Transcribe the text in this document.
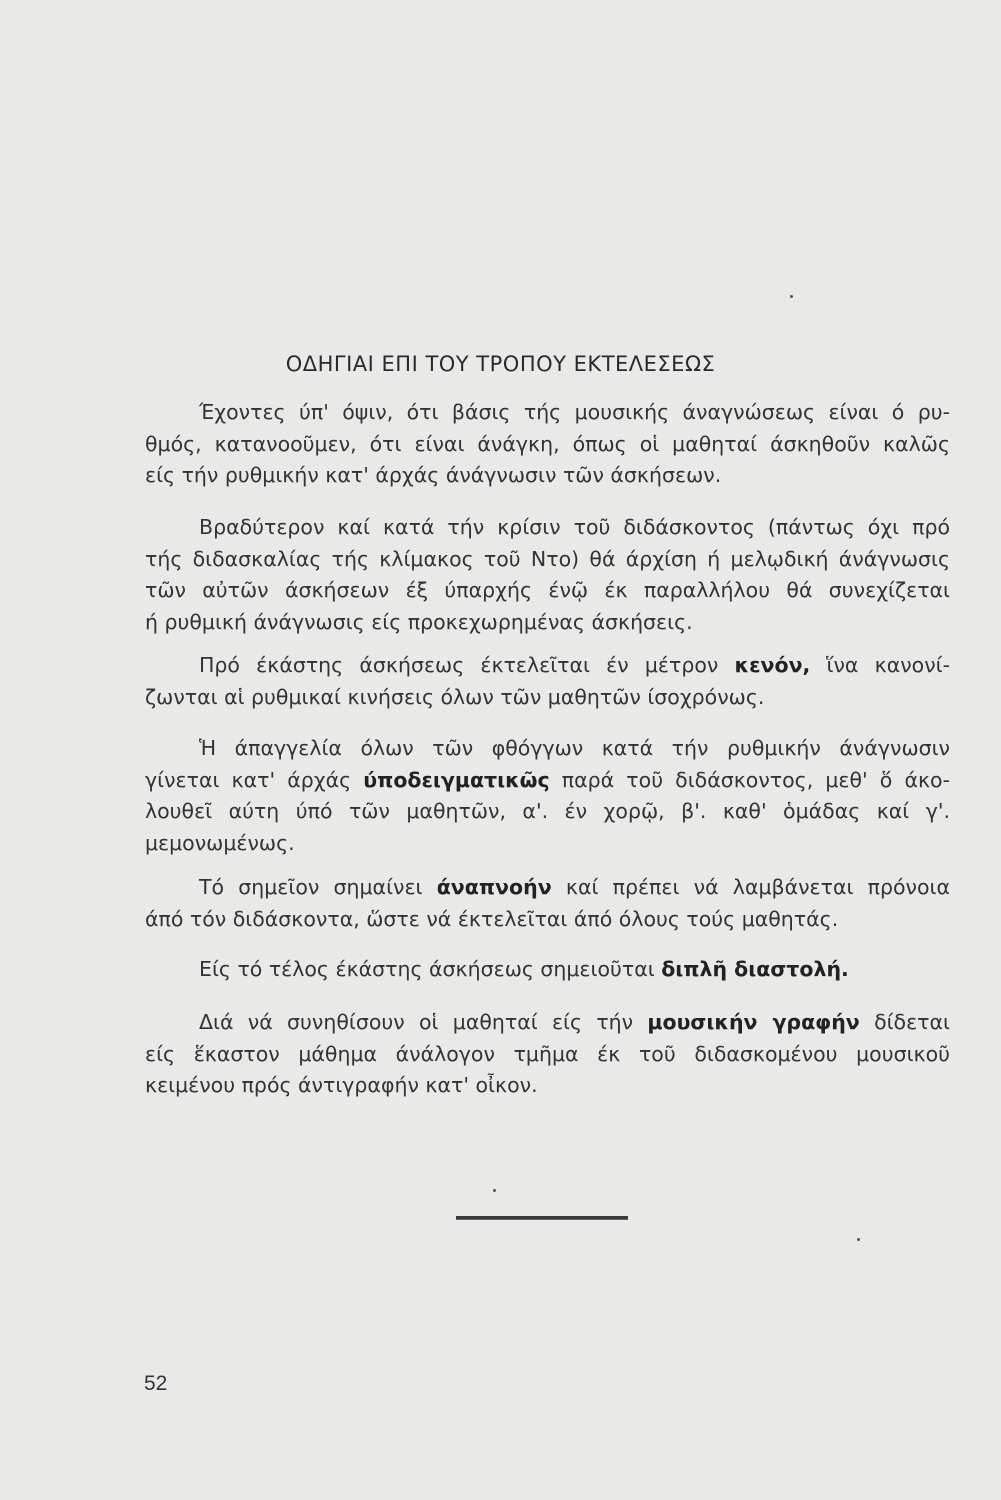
ΟΔΗΓΙΑΙ ΕΠΙ ΤΟΥ ΤΡΟΠΟΥ ΕΚΤΕΛΕΣΕΩΣ
Έχοντες ύπ' όψιν, ότι βάσις τής μουσικής άναγνώσεως είναι ό ρυ-
θμός, κατανοοῦμεν, ότι είναι άνάγκη, όπως οἱ μαθηταί άσκηθοῦν καλῶς
είς τήν ρυθμικήν κατ' άρχάς άνάγνωσιν τῶν άσκήσεων.
Βραδύτερον καί κατά τήν κρίσιν τοῦ διδάσκοντος (πάντως όχι πρό
τής διδασκαλίας τής κλίμακος τοῦ Ντο) θά άρχίση ή μελῳδική άνάγνωσις
τῶν αὐτῶν άσκήσεων έξ ύπαρχής ένῷ έκ παραλλήλου θά συνεχίζεται
ή ρυθμική άνάγνωσις είς προκεχωρημένας άσκήσεις.
Πρό έκάστης άσκήσεως έκτελεῖται έν μέτρον κενόν, ἵνα κανονί-
ζωνται αἱ ρυθμικαί κινήσεις όλων τῶν μαθητῶν ίσοχρόνως.
Ἡ άπαγγελία όλων τῶν φθόγγων κατά τήν ρυθμικήν άνάγνωσιν
γίνεται κατ' άρχάς ύποδειγματικῶς παρά τοῦ διδάσκοντος, μεθ' ὅ άκο-
λουθεῖ αύτη ύπό τῶν μαθητῶν, α'. έν χορῷ, β'. καθ' ὁμάδας καί γ'.
μεμονωμένως.
Τό σημεῖον σημαίνει άναπνοήν καί πρέπει νά λαμβάνεται πρόνοια
άπό τόν διδάσκοντα, ὥστε νά έκτελεῖται άπό όλους τούς μαθητάς.
Είς τό τέλος έκάστης άσκήσεως σημειοῦται διπλῆ διαστολή.
Διά νά συνηθίσουν οἱ μαθηταί είς τήν μουσικήν γραφήν δίδεται
είς ἕκαστον μάθημα άνάλογον τμῆμα έκ τοῦ διδασκομένου μουσικοῦ
κειμένου πρός άντιγραφήν κατ' οἶκον.
52
